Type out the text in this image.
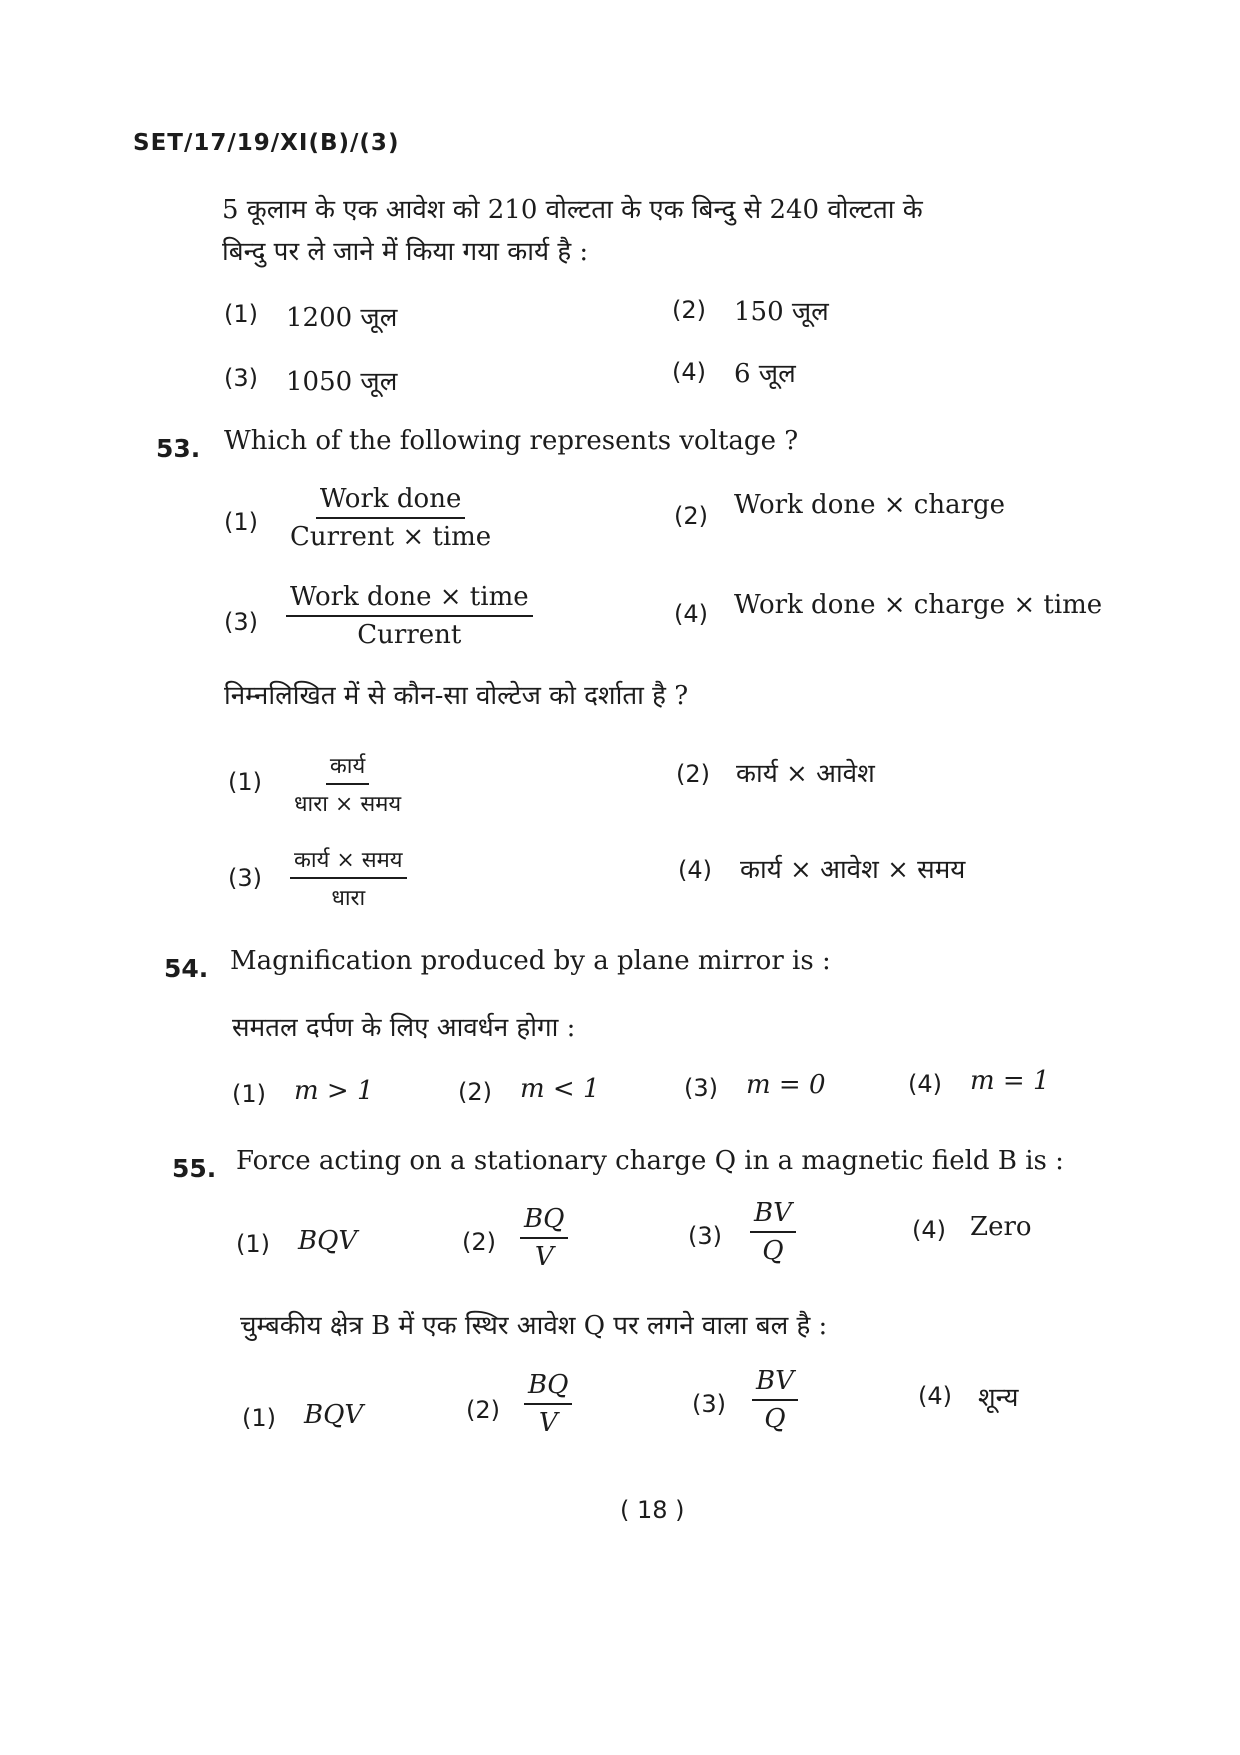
SET/17/19/XI(B)/(3)
5 कूलाम के एक आवेश को 210 वोल्टता के एक बिन्दु से 240 वोल्टता के
बिन्दु पर ले जाने में किया गया कार्य है :
(1) 1200 जूल	(2) 150 जूल
(3) 1050 जूल	(4) 6 जूल
53. Which of the following represents voltage ?
(1)
Work done
Current × time
(2) Work done × charge
(3)
Work done × time
Current
(4) Work done × charge × time
निम्नलिखित में से कौन-सा वोल्टेज को दर्शाता है ?
(1)
कार्य
धारा × समय
(2) कार्य × आवेश
(3)
कार्य × समय
धारा
(4) कार्य × आवेश × समय
54. Magnification produced by a plane mirror is :
समतल दर्पण के लिए आवर्धन होगा :
(1) m > 1	(2) m < 1	(3) m = 0	(4) m = 1
55. Force acting on a stationary charge Q in a magnetic field B is :
(1) BQV	$(2) \frac{BQ}{V}$	$(3) \frac{BV}{Q}$	(4) Zero
चुम्बकीय क्षेत्र B में एक स्थिर आवेश Q पर लगने वाला बल है :
(1) BQV	$(2) \frac{BQ}{V}$	$(3) \frac{BV}{Q}$	(4) शून्य
( 18 )
